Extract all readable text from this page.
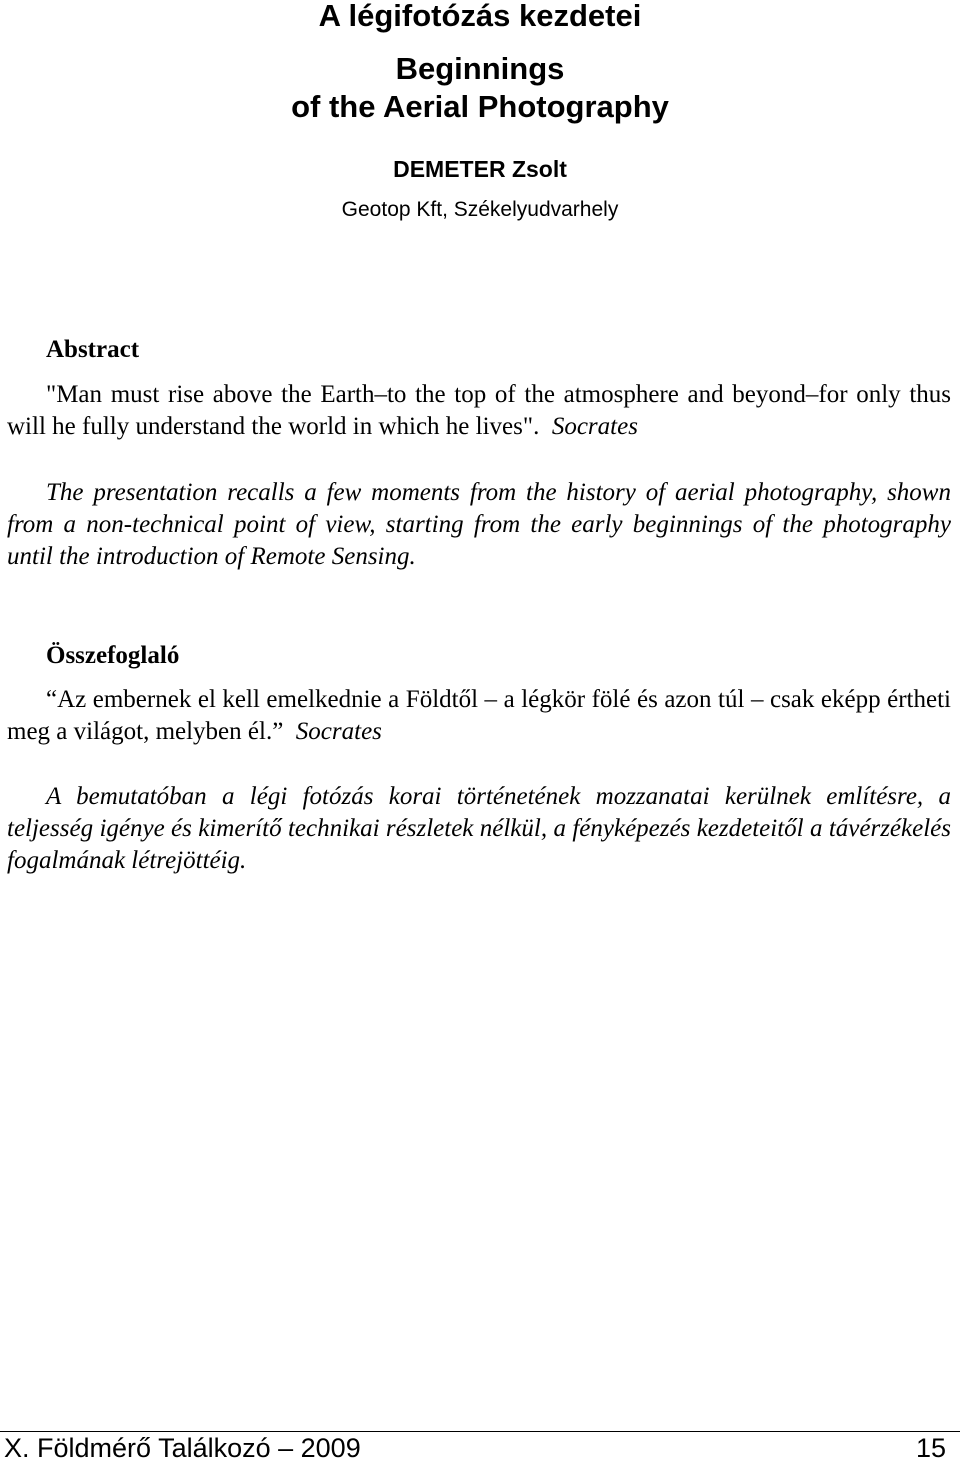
A légifotózás kezdetei
Beginnings
of the Aerial Photography
DEMETER Zsolt
Geotop Kft, Székelyudvarhely
Abstract

"Man must rise above the Earth–to the top of the atmosphere and beyond–for only thus will he fully understand the world in which he lives". Socrates

The presentation recalls a few moments from the history of aerial photography, shown from a non-technical point of view, starting from the early beginnings of the photography until the introduction of Remote Sensing.

Összefoglaló

“Az embernek el kell emelkednie a Földtől – a légkör fölé és azon túl – csak eképp értheti meg a világot, melyben él.” Socrates

A bemutatóban a légi fotózás korai történetének mozzanatai kerülnek említésre, a teljesség igénye és kimerítő technikai részletek nélkül, a fényképezés kezdeteitől a távérzékelés fogalmának létrejöttéig.

X. Földmérő Találkozó – 2009	15
